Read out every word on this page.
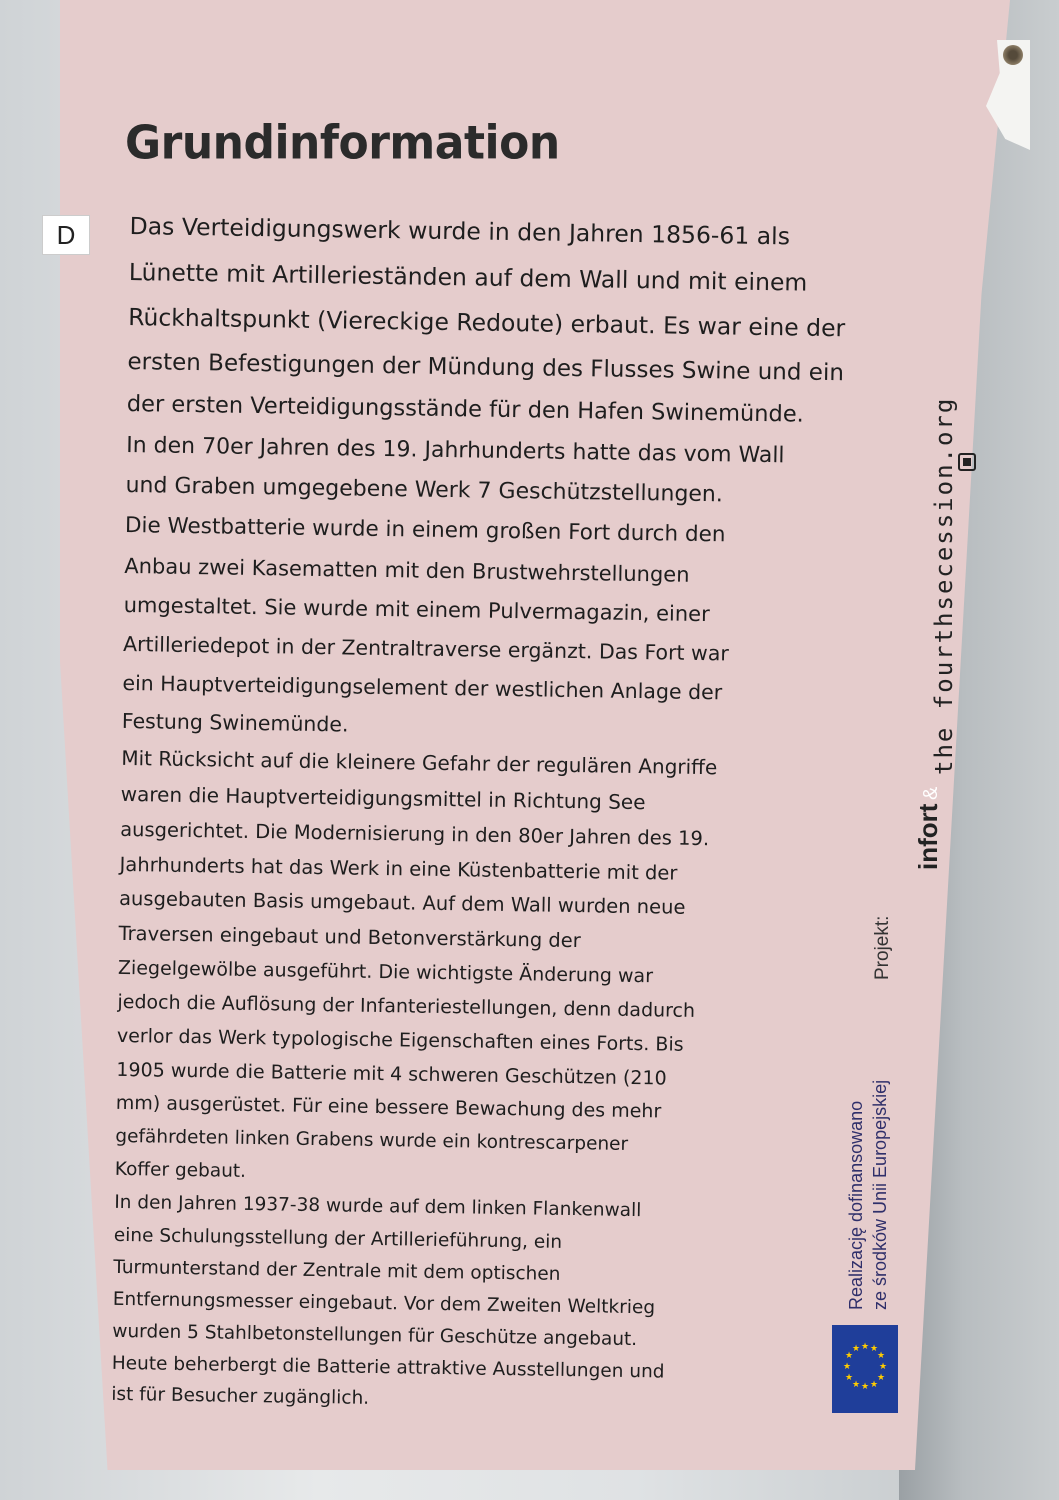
Grundinformation
D	Das Verteidigungswerk wurde in den Jahren 1856-61 als
Lünette mit Artillerieständen auf dem Wall und mit einem
Rückhaltspunkt (Viereckige Redoute) erbaut. Es war eine der
ersten Befestigungen der Mündung des Flusses Swine und ein
der ersten Verteidigungsstände für den Hafen Swinemünde.
In den 70er Jahren des 19. Jahrhunderts hatte das vom Wall
und Graben umgegebene Werk 7 Geschützstellungen.
Die Westbatterie wurde in einem großen Fort durch den
Anbau zwei Kasematten mit den Brustwehrstellungen
umgestaltet. Sie wurde mit einem Pulvermagazin, einer
Artilleriedepot in der Zentraltraverse ergänzt. Das Fort war
ein Hauptverteidigungselement der westlichen Anlage der
Festung Swinemünde.
Mit Rücksicht auf die kleinere Gefahr der regulären Angriffe
waren die Hauptverteidigungsmittel in Richtung See
ausgerichtet. Die Modernisierung in den 80er Jahren des 19.
Jahrhunderts hat das Werk in eine Küstenbatterie mit der
ausgebauten Basis umgebaut. Auf dem Wall wurden neue
Traversen eingebaut und Betonverstärkung der
Ziegelgewölbe ausgeführt. Die wichtigste Änderung war
jedoch die Auflösung der Infanteriestellungen, denn dadurch
verlor das Werk typologische Eigenschaften eines Forts. Bis
1905 wurde die Batterie mit 4 schweren Geschützen (210
mm) ausgerüstet. Für eine bessere Bewachung des mehr
gefährdeten linken Grabens wurde ein kontrescarpener
Koffer gebaut.
In den Jahren 1937-38 wurde auf dem linken Flankenwall
eine Schulungsstellung der Artillerieführung, ein
Turmunterstand der Zentrale mit dem optischen
Entfernungsmesser eingebaut. Vor dem Zweiten Weltkrieg
wurden 5 Stahlbetonstellungen für Geschütze angebaut.
Heute beherbergt die Batterie attraktive Ausstellungen und
ist für Besucher zugänglich.
Projekt:
infort
&
the fourthsecession.org
Realizację dofinansowano ze środków Unii Europejskiej
★ ★
★
★
★
★
★
★
★
★
★
★
